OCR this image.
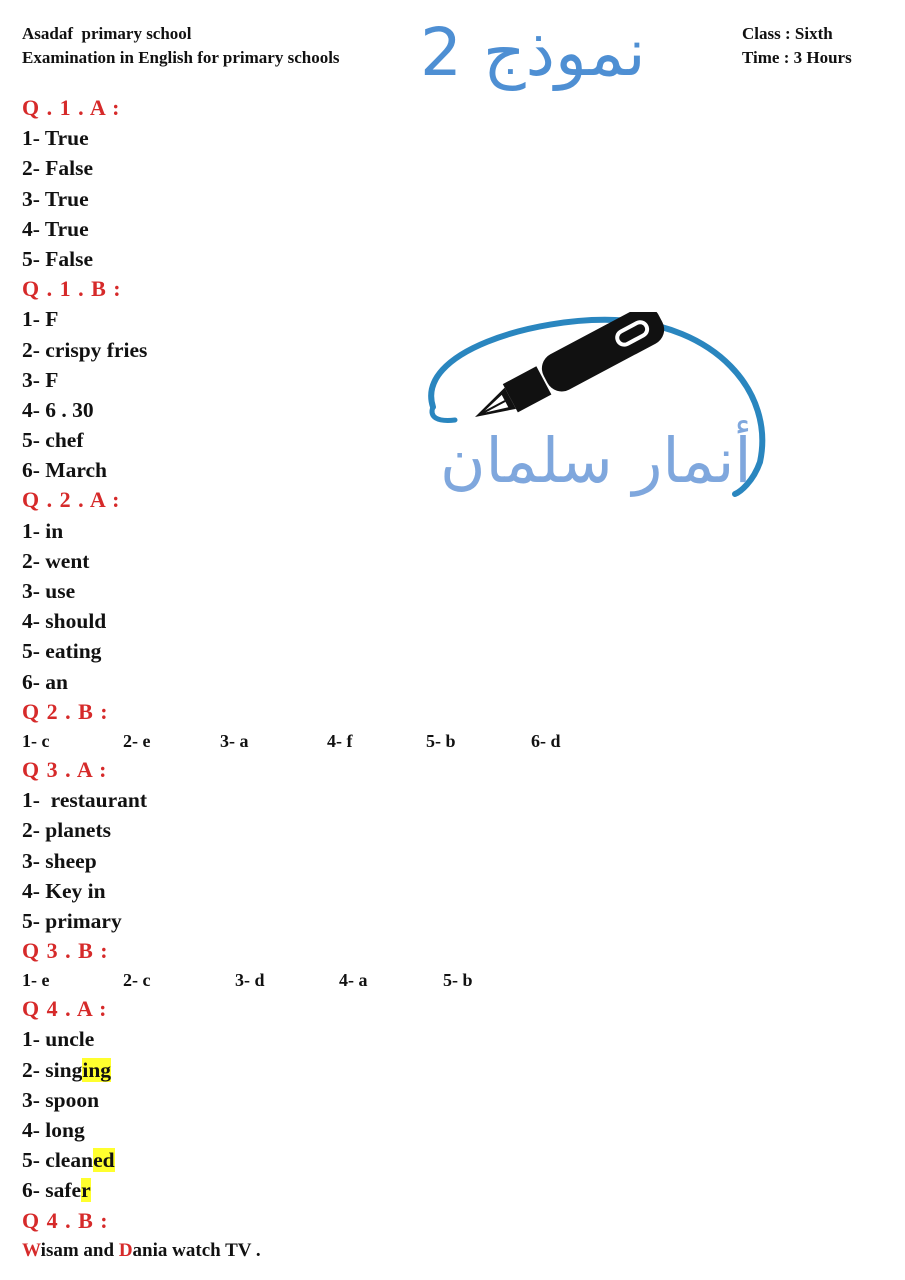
Asadaf  primary school
Examination in English for primary schools
Class : Sixth
Time : 3 Hours
نموذج 2
أنمار سلمان
Q . 1 . A :
1- True
2- False
3- True
4- True
5- False
Q . 1 . B :
1- F
2- crispy fries
3- F
4- 6 . 30
5- chef
6- March
Q . 2 . A :
1- in
2- went
3- use
4- should
5- eating
6- an
Q 2 . B :
1- c	2- e	3- a	4- f	5- b	6- d
Q 3 . A :
1-  restaurant
2- planets
3- sheep
4- Key in
5- primary
Q 3 . B :
1- e	2- c	3- d	4- a	5- b
Q 4 . A :
1- uncle
2- singing
3- spoon
4- long
5- cleaned
6- safer
Q 4 . B :
Wisam and Dania watch TV .
